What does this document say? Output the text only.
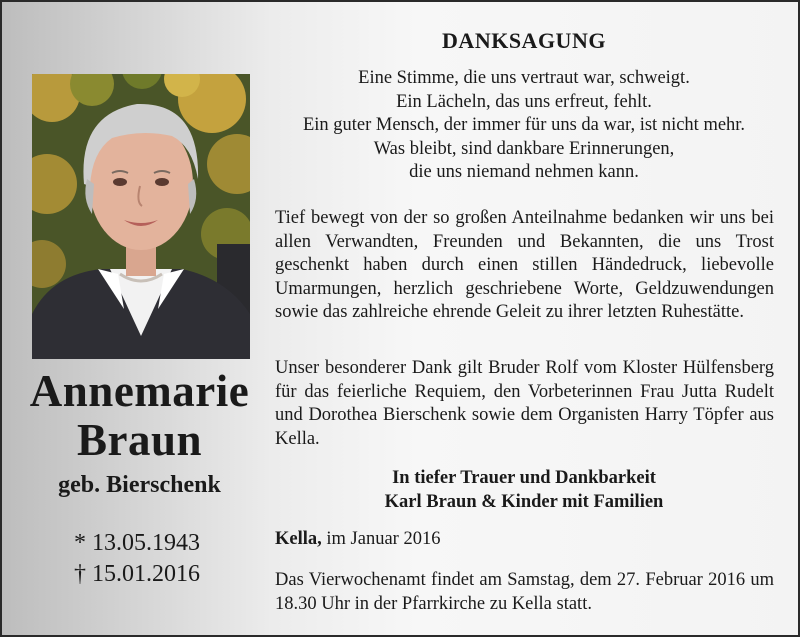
Annemarie
Braun
geb. Bierschenk
* 13.05.1943
† 15.01.2016
DANKSAGUNG
Eine Stimme, die uns vertraut war, schweigt.
Ein Lächeln, das uns erfreut, fehlt.
Ein guter Mensch, der immer für uns da war, ist nicht mehr.
Was bleibt, sind dankbare Erinnerungen,
die uns niemand nehmen kann.
Tief bewegt von der so großen Anteilnahme bedanken wir uns bei allen Verwandten, Freunden und Bekannten, die uns Trost geschenkt haben durch einen stillen Händedruck, liebevolle Umarmungen, herzlich geschriebene Worte, Geldzuwendungen sowie das zahlreiche ehrende Geleit zu ihrer letzten Ruhestätte.
Unser besonderer Dank gilt Bruder Rolf vom Kloster Hülfensberg für das feierliche Requiem, den Vorbeterinnen Frau Jutta Rudelt und Dorothea Bierschenk sowie dem Organisten Harry Töpfer aus Kella.
In tiefer Trauer und Dankbarkeit
Karl Braun & Kinder mit Familien
Kella, im Januar 2016
Das Vierwochenamt findet am Samstag, dem 27. Februar 2016 um 18.30 Uhr in der Pfarrkirche zu Kella statt.
